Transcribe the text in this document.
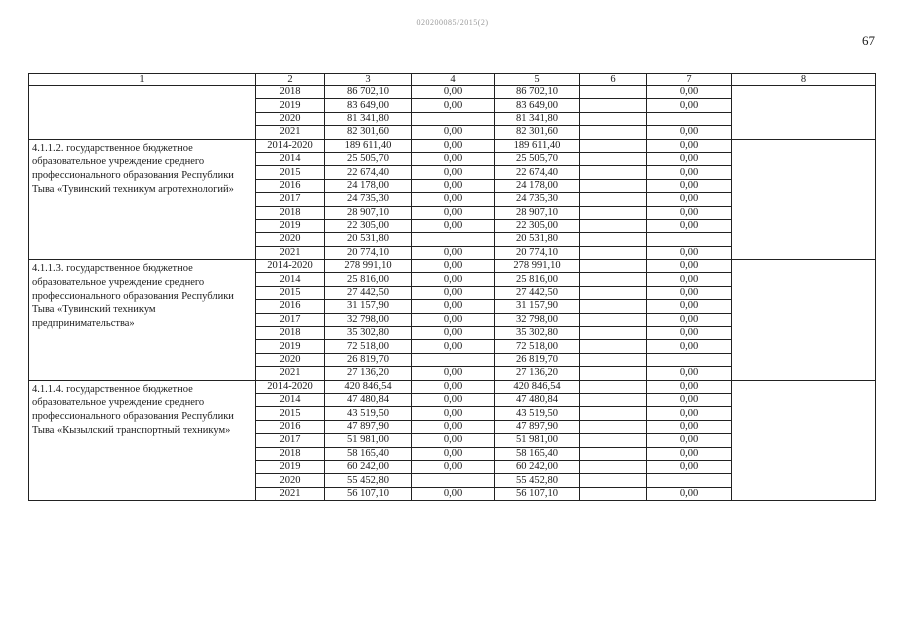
020200085/2015(2)
67
1	2	3	4	5	6	7	8
	2018	86 702,10	0,00	86 702,10		0,00	
	2019	83 649,00	0,00	83 649,00		0,00	
	2020	81 341,80		81 341,80			
	2021	82 301,60	0,00	82 301,60		0,00	
4.1.1.2. государственное бюджетное образовательное учреждение среднего профессионального образования Республики Тыва «Тувинский техникум агротехнологий»	2014-2020	189 611,40	0,00	189 611,40		0,00	
	2014	25 505,70	0,00	25 505,70		0,00	
	2015	22 674,40	0,00	22 674,40		0,00	
	2016	24 178,00	0,00	24 178,00		0,00	
	2017	24 735,30	0,00	24 735,30		0,00	
	2018	28 907,10	0,00	28 907,10		0,00	
	2019	22 305,00	0,00	22 305,00		0,00	
	2020	20 531,80		20 531,80			
	2021	20 774,10	0,00	20 774,10		0,00	
4.1.1.3. государственное бюджетное образовательное учреждение среднего профессионального образования Республики Тыва «Тувинский техникум предпринимательства»	2014-2020	278 991,10	0,00	278 991,10		0,00	
	2014	25 816,00	0,00	25 816,00		0,00	
	2015	27 442,50	0,00	27 442,50		0,00	
	2016	31 157,90	0,00	31 157,90		0,00	
	2017	32 798,00	0,00	32 798,00		0,00	
	2018	35 302,80	0,00	35 302,80		0,00	
	2019	72 518,00	0,00	72 518,00		0,00	
	2020	26 819,70		26 819,70			
	2021	27 136,20	0,00	27 136,20		0,00	
4.1.1.4. государственное бюджетное образовательное учреждение среднего профессионального образования Республики Тыва «Кызылский транспортный техникум»	2014-2020	420 846,54	0,00	420 846,54		0,00	
	2014	47 480,84	0,00	47 480,84		0,00	
	2015	43 519,50	0,00	43 519,50		0,00	
	2016	47 897,90	0,00	47 897,90		0,00	
	2017	51 981,00	0,00	51 981,00		0,00	
	2018	58 165,40	0,00	58 165,40		0,00	
	2019	60 242,00	0,00	60 242,00		0,00	
	2020	55 452,80		55 452,80			
	2021	56 107,10	0,00	56 107,10		0,00	
